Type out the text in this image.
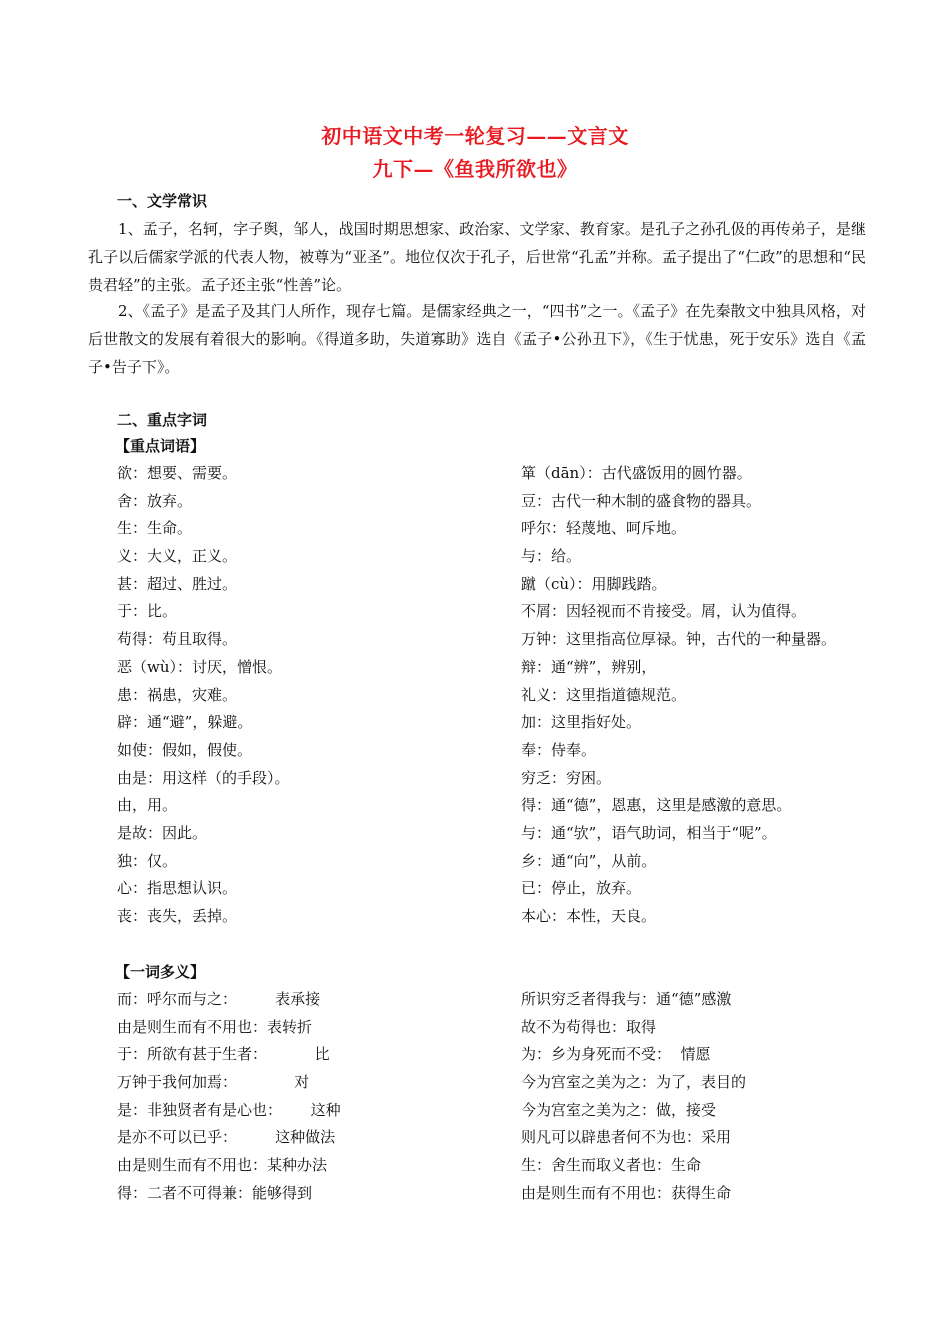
初中语文中考一轮复习——文言文
九下—《鱼我所欲也》
一、文学常识
1、孟子，名轲，字子舆，邹人，战国时期思想家、政治家、文学家、教育家。是孔子之孙孔伋的再传弟子，是继孔子以后儒家学派的代表人物，被尊为“亚圣”。地位仅次于孔子，后世常“孔孟”并称。孟子提出了“仁政”的思想和“民贵君轻”的主张。孟子还主张“性善”论。
2、《孟子》是孟子及其门人所作，现存七篇。是儒家经典之一，“四书”之一。《孟子》在先秦散文中独具风格，对后世散文的发展有着很大的影响。《得道多助，失道寡助》选自《孟子•公孙丑下》，《生于忧患，死于安乐》选自《孟子•告子下》。
二、重点字词
【重点词语】
欲：想要、需要。
舍：放弃。
生：生命。
义：大义，正义。
甚：超过、胜过。
于：比。
苟得：苟且取得。
恶（wù）：讨厌，憎恨。
患：祸患，灾难。
辟：通“避”，躲避。
如使：假如，假使。
由是：用这样（的手段）。
由，用。
是故：因此。
独：仅。
心：指思想认识。
丧：丧失，丢掉。
箪（dān）：古代盛饭用的圆竹器。
豆：古代一种木制的盛食物的器具。
呼尔：轻蔑地、呵斥地。
与：给。
蹴（cù）：用脚践踏。
不屑：因轻视而不肯接受。屑，认为值得。
万钟：这里指高位厚禄。钟，古代的一种量器。
辩：通“辨”，辨别，
礼义：这里指道德规范。
加：这里指好处。
奉：侍奉。
穷乏：穷困。
得：通“德”，恩惠，这里是感激的意思。
与：通“欤”，语气助词，相当于“呢”。
乡：通“向”，从前。
已：停止，放弃。
本心：本性，天良。
【一词多义】
而：呼尔而与之：        表承接
由是则生而有不用也：表转折
于：所欲有甚于生者：          比
万钟于我何加焉：            对
是：非独贤者有是心也：      这种
是亦不可以已乎：        这种做法
由是则生而有不用也：某种办法
得：二者不可得兼：能够得到
所识穷乏者得我与：通“德”感激
故不为苟得也：取得
为：乡为身死而不受：  情愿
今为宫室之美为之：为了，表目的
今为宫室之美为之：做，接受
则凡可以辟患者何不为也：采用
生：舍生而取义者也：生命
由是则生而有不用也：获得生命
